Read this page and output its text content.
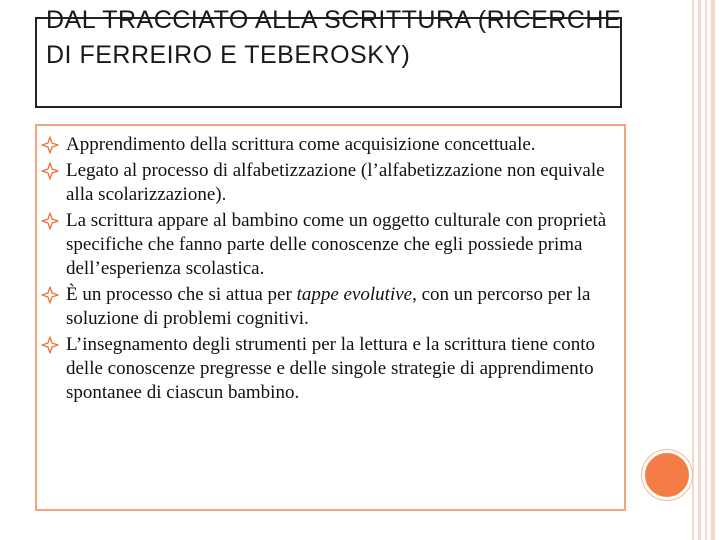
DAL TRACCIATO ALLA SCRITTURA (RICERCHE DI FERREIRO E TEBEROSKY)
Apprendimento della scrittura come acquisizione concettuale.
Legato al processo di alfabetizzazione (l’alfabetizzazione non equivale alla scolarizzazione).
La scrittura appare al bambino come un oggetto culturale con proprietà specifiche che fanno parte delle conoscenze che egli possiede prima dell’esperienza scolastica.
È un processo che si attua per tappe evolutive, con un percorso per la soluzione di problemi cognitivi.
L’insegnamento degli strumenti per la lettura e la scrittura tiene conto delle conoscenze pregresse e delle singole strategie di apprendimento spontanee di ciascun bambino.
